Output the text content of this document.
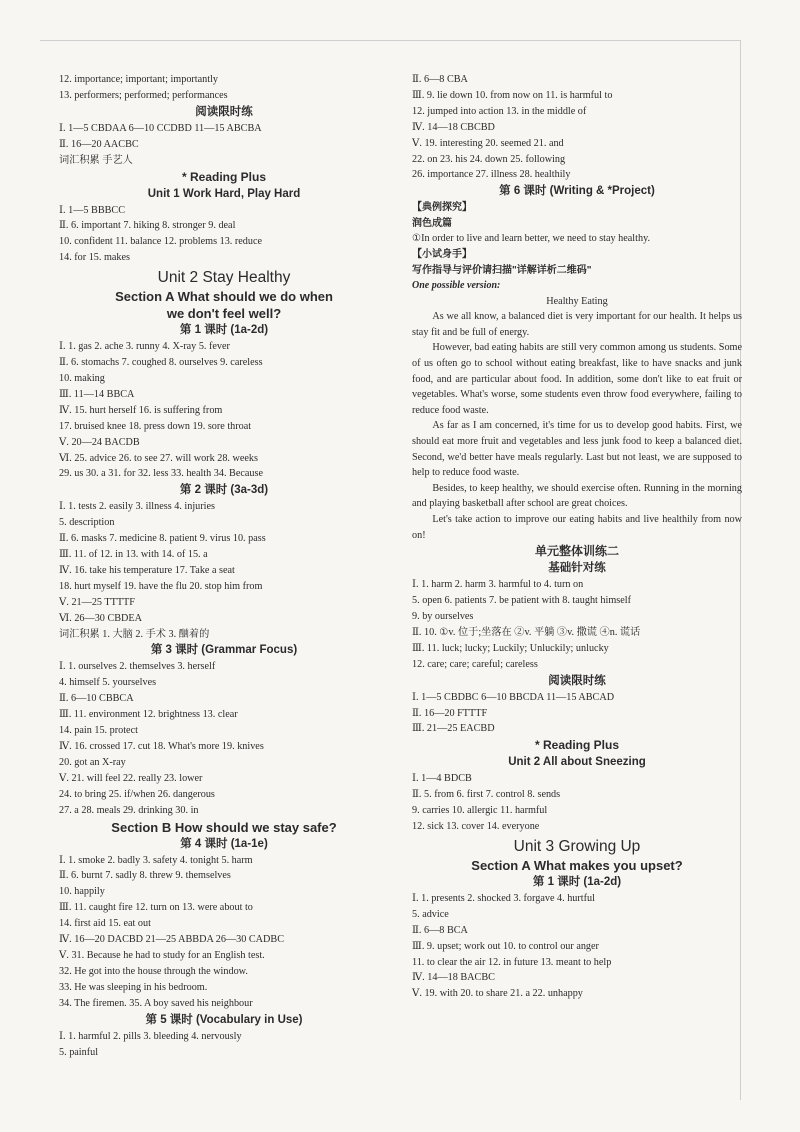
12. importance; important; importantly
13. performers; performed; performances
阅读限时练
Ⅰ. 1—5 CBDAA 6—10 CCDBD 11—15 ABCBA
Ⅱ. 16—20 AACBC
词汇积累 手艺人
* Reading Plus
Unit 1 Work Hard, Play Hard
Ⅰ. 1—5 BBBCC
Ⅱ. 6. important 7. hiking 8. stronger 9. deal
10. confident 11. balance 12. problems 13. reduce
14. for 15. makes
Unit 2 Stay Healthy
Section A What should we do when
we don't feel well?
第 1 课时 (1a-2d)
Ⅰ. 1. gas 2. ache 3. runny 4. X-ray 5. fever
Ⅱ. 6. stomachs 7. coughed 8. ourselves 9. careless
10. making
Ⅲ. 11—14 BBCA
Ⅳ. 15. hurt herself 16. is suffering from
17. bruised knee 18. press down 19. sore throat
Ⅴ. 20—24 BACDB
Ⅵ. 25. advice 26. to see 27. will work 28. weeks
29. us 30. a 31. for 32. less 33. health 34. Because
第 2 课时 (3a-3d)
Ⅰ. 1. tests 2. easily 3. illness 4. injuries
5. description
Ⅱ. 6. masks 7. medicine 8. patient 9. virus 10. pass
Ⅲ. 11. of 12. in 13. with 14. of 15. a
Ⅳ. 16. take his temperature 17. Take a seat
18. hurt myself 19. have the flu 20. stop him from
Ⅴ. 21—25 TTTTF
Ⅵ. 26—30 CBDEA
词汇积累 1. 大脑 2. 手术 3. 酗着的
第 3 课时 (Grammar Focus)
Ⅰ. 1. ourselves 2. themselves 3. herself
4. himself 5. yourselves
Ⅱ. 6—10 CBBCA
Ⅲ. 11. environment 12. brightness 13. clear
14. pain 15. protect
Ⅳ. 16. crossed 17. cut 18. What's more 19. knives
20. got an X-ray
Ⅴ. 21. will feel 22. really 23. lower
24. to bring 25. if/when 26. dangerous
27. a 28. meals 29. drinking 30. in
Section B How should we stay safe?
第 4 课时 (1a-1e)
Ⅰ. 1. smoke 2. badly 3. safety 4. tonight 5. harm
Ⅱ. 6. burnt 7. sadly 8. threw 9. themselves
10. happily
Ⅲ. 11. caught fire 12. turn on 13. were about to
14. first aid 15. eat out
Ⅳ. 16—20 DACBD 21—25 ABBDA 26—30 CADBC
Ⅴ. 31. Because he had to study for an English test.
32. He got into the house through the window.
33. He was sleeping in his bedroom.
34. The firemen. 35. A boy saved his neighbour
第 5 课时 (Vocabulary in Use)
Ⅰ. 1. harmful 2. pills 3. bleeding 4. nervously
5. painful
Ⅱ. 6—8 CBA
Ⅲ. 9. lie down 10. from now on 11. is harmful to
12. jumped into action 13. in the middle of
Ⅳ. 14—18 CBCBD
Ⅴ. 19. interesting 20. seemed 21. and
22. on 23. his 24. down 25. following
26. importance 27. illness 28. healthily
第 6 课时 (Writing & *Project)
【典例探究】
润色成篇
①In order to live and learn better, we need to stay healthy.
【小试身手】
写作指导与评价请扫描"详解详析二维码"
One possible version:
Healthy Eating
As we all know, a balanced diet is very important for our health. It helps us stay fit and be full of energy.
However, bad eating habits are still very common among us students. Some of us often go to school without eating breakfast, like to have snacks and junk food, and are particular about food. In addition, some don't like to eat fruit or vegetables. What's worse, some students even throw food everywhere, failing to reduce food waste.
As far as I am concerned, it's time for us to develop good habits. First, we should eat more fruit and vegetables and less junk food to keep a balanced diet. Second, we'd better have meals regularly. Last but not least, we are supposed to help to reduce food waste.
Besides, to keep healthy, we should exercise often. Running in the morning and playing basketball after school are great choices.
Let's take action to improve our eating habits and live healthily from now on!
单元整体训练二
基础针对练
Ⅰ. 1. harm 2. harm 3. harmful to 4. turn on
5. open 6. patients 7. be patient with 8. taught himself
9. by ourselves
Ⅱ. 10. ①v. 位于;坐落在 ②v. 平躺 ③v. 撒谎 ④n. 谎话
Ⅲ. 11. luck; lucky; Luckily; Unluckily; unlucky
12. care; care; careful; careless
阅读限时练
Ⅰ. 1—5 CBDBC 6—10 BBCDA 11—15 ABCAD
Ⅱ. 16—20 FTTTF
Ⅲ. 21—25 EACBD
* Reading Plus
Unit 2 All about Sneezing
Ⅰ. 1—4 BDCB
Ⅱ. 5. from 6. first 7. control 8. sends
9. carries 10. allergic 11. harmful
12. sick 13. cover 14. everyone
Unit 3 Growing Up
Section A What makes you upset?
第 1 课时 (1a-2d)
Ⅰ. 1. presents 2. shocked 3. forgave 4. hurtful
5. advice
Ⅱ. 6—8 BCA
Ⅲ. 9. upset; work out 10. to control our anger
11. to clear the air 12. in future 13. meant to help
Ⅳ. 14—18 BACBC
Ⅴ. 19. with 20. to share 21. a 22. unhappy
